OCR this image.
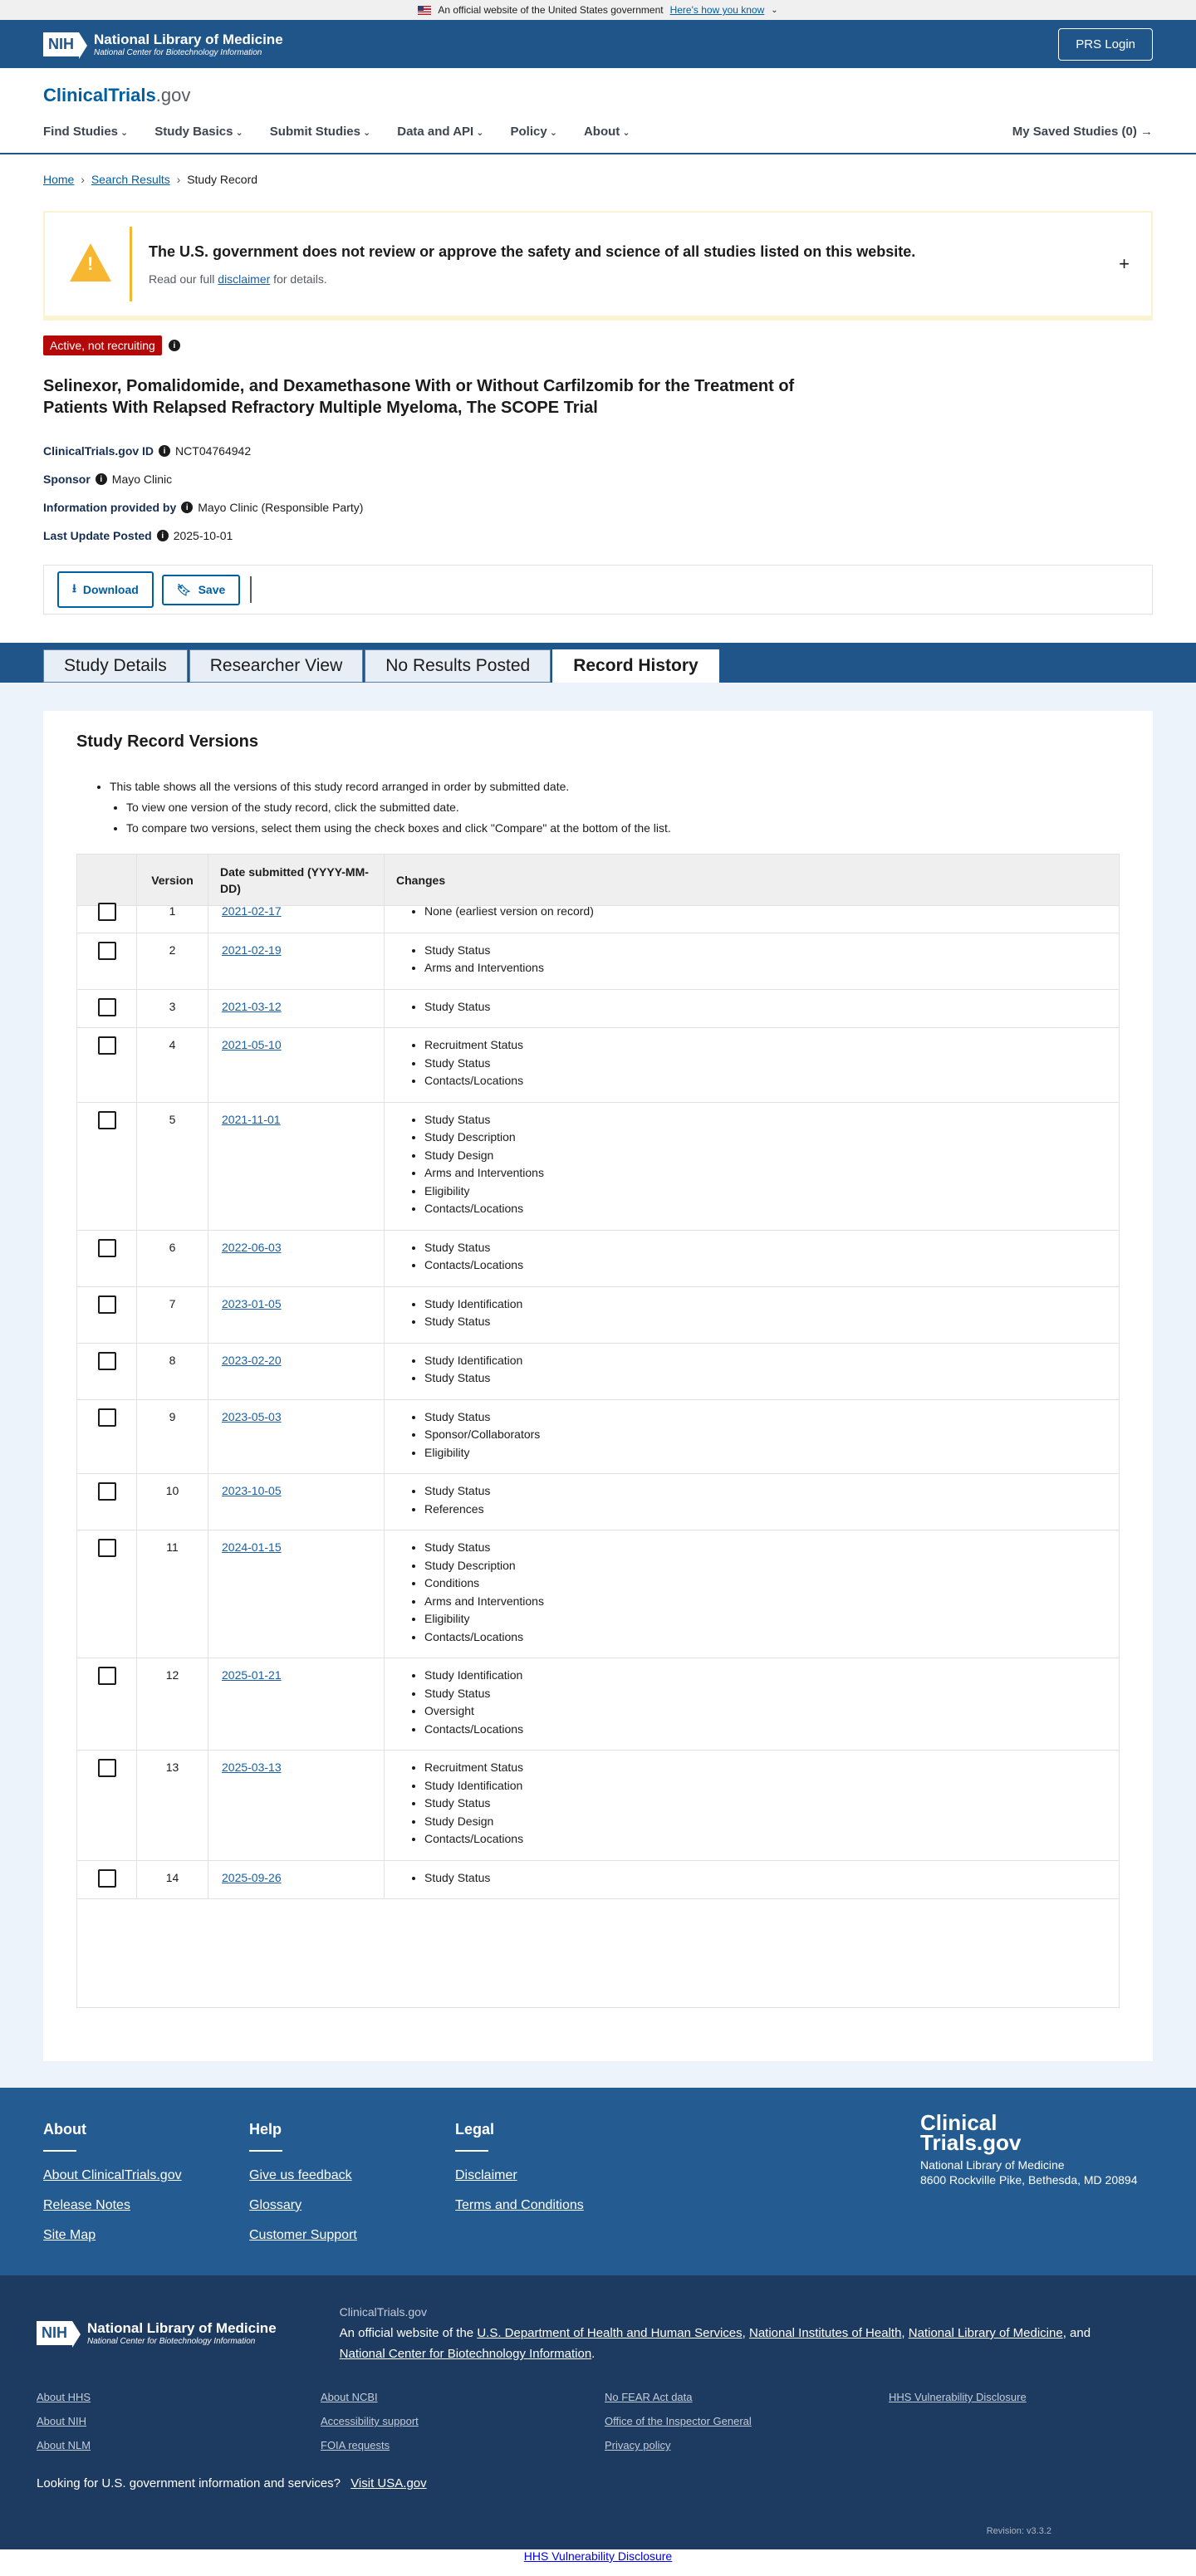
An official website of the United States government Here's how you know ⌄
NIH	National Library of Medicine
National Center for Biotechnology Information
PRS Login
ClinicalTrials.gov
Find Studies ⌄	Study Basics ⌄	Submit Studies ⌄	Data and API ⌄	Policy ⌄	About ⌄	My Saved Studies (0) →
Home › Search Results › Study Record
!
The U.S. government does not review or approve the safety and science of all studies listed on this website.
Read our full disclaimer for details.
+
Active, not recruiting	i
Selinexor, Pomalidomide, and Dexamethasone With or Without Carfilzomib for the Treatment of Patients With Relapsed Refractory Multiple Myeloma, The SCOPE Trial
ClinicalTrials.gov ID	i NCT04764942
Sponsor	i Mayo Clinic
Information provided by	i Mayo Clinic (Responsible Party)
Last Update Posted	i 2025-10-01
⭳ Download	🔖︎ Save
Study Details	Researcher View	No Results Posted	Record History
Study Record Versions
• This table shows all the versions of this study record arranged in order by submitted date.
• To view one version of the study record, click the submitted date.
• To compare two versions, select them using the check boxes and click "Compare" at the bottom of the list.
Version
Date submitted (YYYY-MM-DD)
Changes
1	2021-02-17	• None (earliest version on record)
2	2021-02-19	• Study Status
• Arms and Interventions
3	2021-03-12	• Study Status
4	2021-05-10	• Recruitment Status
• Study Status
• Contacts/Locations
5	2021-11-01	• Study Status
• Study Description
• Study Design
• Arms and Interventions
• Eligibility
• Contacts/Locations
6	2022-06-03	• Study Status
• Contacts/Locations
7	2023-01-05	• Study Identification
• Study Status
8	2023-02-20	• Study Identification
• Study Status
9	2023-05-03	• Study Status
• Sponsor/Collaborators
• Eligibility
10	2023-10-05	• Study Status
• References
11	2024-01-15	• Study Status
• Study Description
• Conditions
• Arms and Interventions
• Eligibility
• Contacts/Locations
12	2025-01-21	• Study Identification
• Study Status
• Oversight
• Contacts/Locations
13	2025-03-13	• Recruitment Status
• Study Identification
• Study Status
• Study Design
• Contacts/Locations
14	2025-09-26	• Study Status
About
About ClinicalTrials.gov
Release Notes
Site Map
Help
Give us feedback
Glossary
Customer Support
Legal
Disclaimer
Terms and Conditions
Clinical
Trials.gov
National Library of Medicine
8600 Rockville Pike, Bethesda, MD 20894
NIH	National Library of Medicine
National Center for Biotechnology Information
ClinicalTrials.gov
An official website of the U.S. Department of Health and Human Services, National Institutes of Health, National Library of Medicine, and National Center for Biotechnology Information.
About HHS	About NCBI	No FEAR Act data	HHS Vulnerability Disclosure
About NIH	Accessibility support	Office of the Inspector General
About NLM	FOIA requests	Privacy policy
Looking for U.S. government information and services? Visit USA.gov
Revision: v3.3.2
HHS Vulnerability Disclosure
